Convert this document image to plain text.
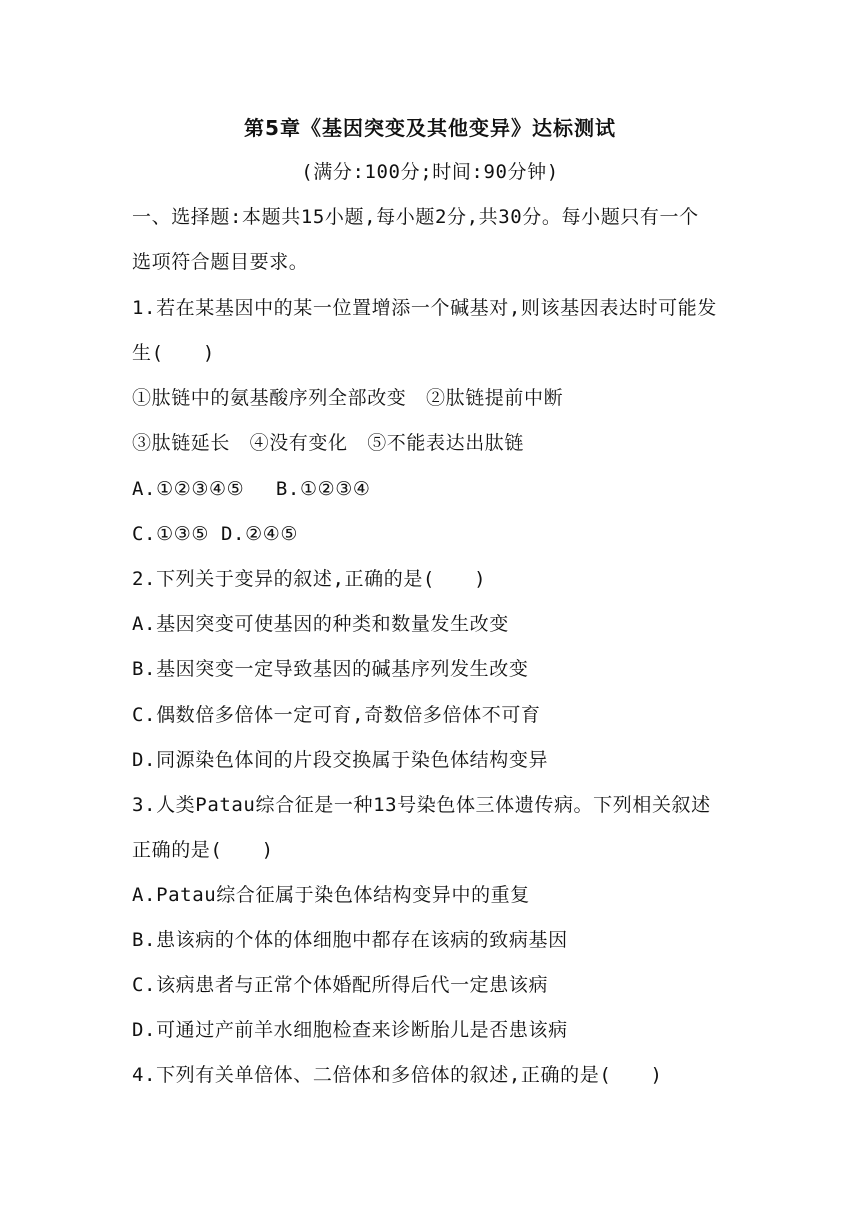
第5章《基因突变及其他变异》达标测试
(满分:100分;时间:90分钟)
一、选择题:本题共15小题,每小题2分,共30分。每小题只有一个
选项符合题目要求。
1.若在某基因中的某一位置增添一个碱基对,则该基因表达时可能发
生(　　)
①肽链中的氨基酸序列全部改变　②肽链提前中断
③肽链延长　④没有变化　⑤不能表达出肽链
A.①②③④⑤　 B.①②③④
C.①③⑤ D.②④⑤
2.下列关于变异的叙述,正确的是(　　)
A.基因突变可使基因的种类和数量发生改变
B.基因突变一定导致基因的碱基序列发生改变
C.偶数倍多倍体一定可育,奇数倍多倍体不可育
D.同源染色体间的片段交换属于染色体结构变异
3.人类Patau综合征是一种13号染色体三体遗传病。下列相关叙述
正确的是(　　)
A.Patau综合征属于染色体结构变异中的重复
B.患该病的个体的体细胞中都存在该病的致病基因
C.该病患者与正常个体婚配所得后代一定患该病
D.可通过产前羊水细胞检查来诊断胎儿是否患该病
4.下列有关单倍体、二倍体和多倍体的叙述,正确的是(　　)
